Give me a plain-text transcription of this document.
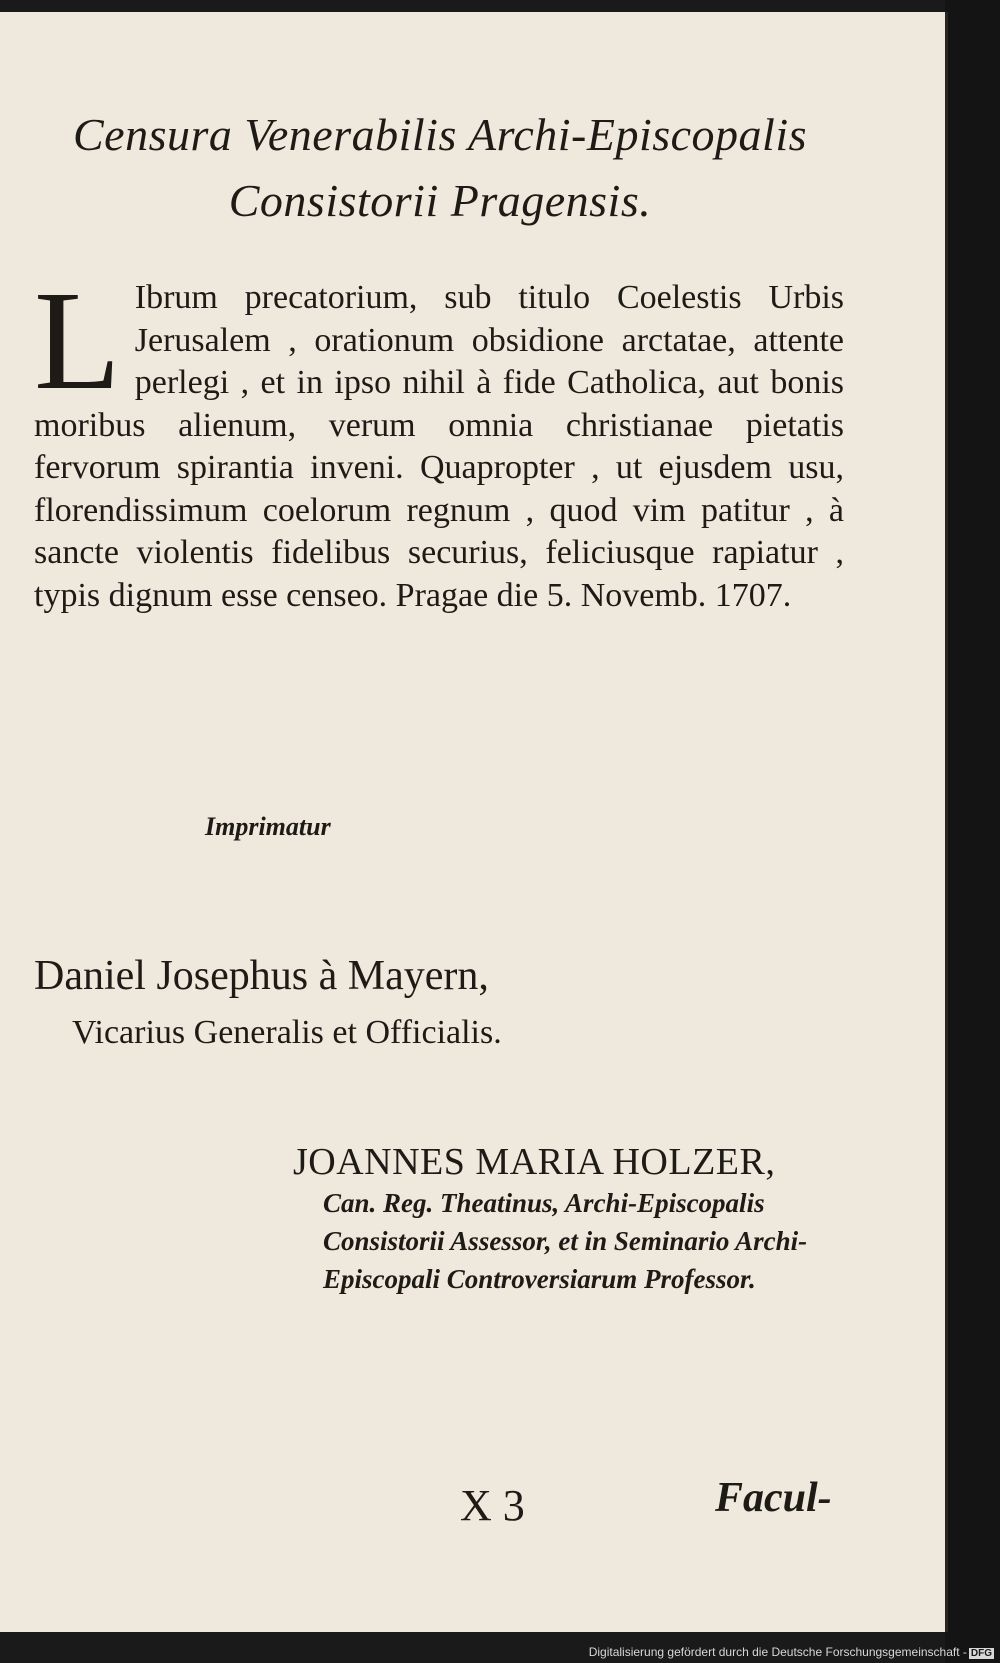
Censura Venerabilis Archi-Episcopalis
Consistorii Pragensis.
L Ibrum precatorium, sub titulo Coelestis Urbis Jerusalem , orationum obsidione arctatae, attente perlegi , et in ipso nihil à fide Catholica, aut bonis moribus alienum, verum omnia christianae pietatis fervorum spirantia inveni. Quapropter , ut ejusdem usu, florendissimum coelorum regnum , quod vim patitur , à sancte violentis fidelibus securius, feliciusque rapiatur , typis dignum esse censeo. Pragae die 5. Novemb. 1707.
Imprimatur
Daniel Josephus à Mayern,
Vicarius Generalis et Officialis.
JOANNES MARIA HOLZER,
Can. Reg. Theatinus, Archi-Episcopalis Consistorii Assessor, et in Seminario Archi-Episcopali Controversiarum Professor.
X 3	Facul-
Digitalisierung gefördert durch die Deutsche Forschungsgemeinschaft - DFG
